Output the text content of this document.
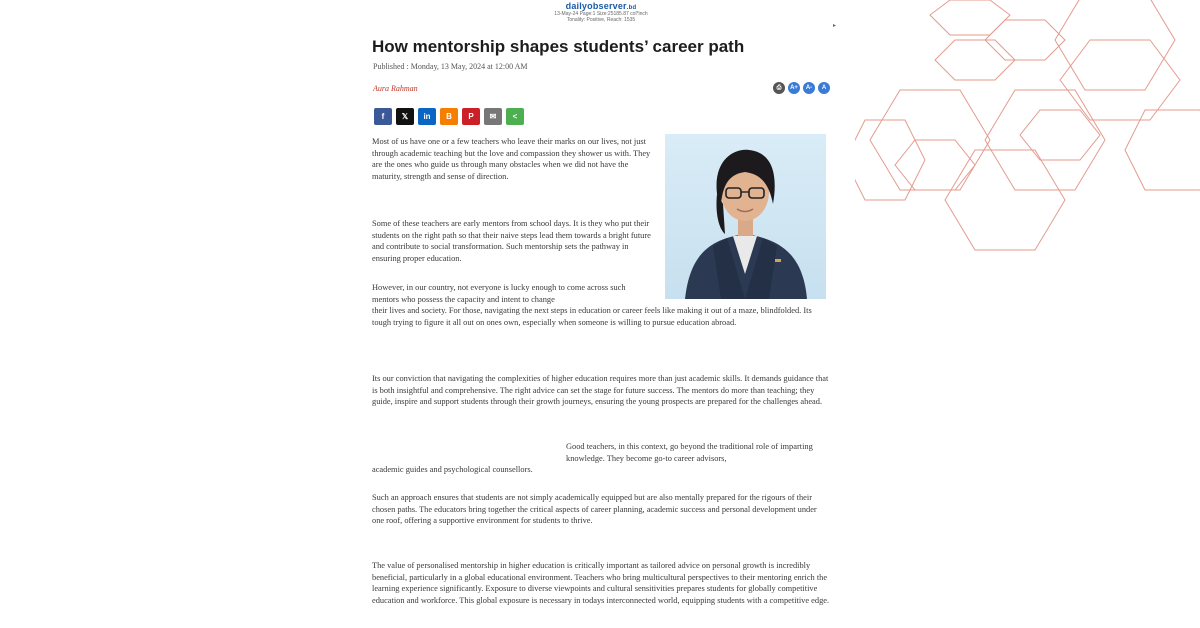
dailyobserver.bd
13-May-24 Page:1 Size:25185.87 col*inch
Tonality: Positive, Reach: 1535
▸
How mentorship shapes students’ career path
Published : Monday, 13 May, 2024 at 12:00 AM
Aura Rahman	⎙ A+ A- A
f 𝕏 in B P ✉ <

Most of us have one or a few teachers who leave their marks on our lives, not just through academic teaching but the love and compassion they shower us with. They are the ones who guide us through many obstacles when we did not have the maturity, strength and sense of direction.

Some of these teachers are early mentors from school days. It is they who put their students on the right path so that their naive steps lead them towards a bright future and contribute to social transformation. Such mentorship sets the pathway in ensuring proper education.

However, in our country, not everyone is lucky enough to come across such mentors who possess the capacity and intent to change

their lives and society. For those, navigating the next steps in education or career feels like making it out of a maze, blindfolded. Its tough trying to figure it all out on ones own, especially when someone is willing to pursue education abroad.

Its our conviction that navigating the complexities of higher education requires more than just academic skills. It demands guidance that is both insightful and comprehensive. The right advice can set the stage for future success. The mentors do more than teaching; they guide, inspire and support students through their growth journeys, ensuring the young prospects are prepared for the challenges ahead.

Good teachers, in this context, go beyond the traditional role of imparting knowledge. They become go-to career advisors,

academic guides and psychological counsellors.

Such an approach ensures that students are not simply academically equipped but are also mentally prepared for the rigours of their chosen paths. The educators bring together the critical aspects of career planning, academic success and personal development under one roof, offering a supportive environment for students to thrive.

The value of personalised mentorship in higher education is critically important as tailored advice on personal growth is incredibly beneficial, particularly in a global educational environment. Teachers who bring multicultural perspectives to their mentoring enrich the learning experience significantly. Exposure to diverse viewpoints and cultural sensitivities prepares students for globally competitive education and workforce. This global exposure is necessary in todays interconnected world, equipping students with a competitive edge.
